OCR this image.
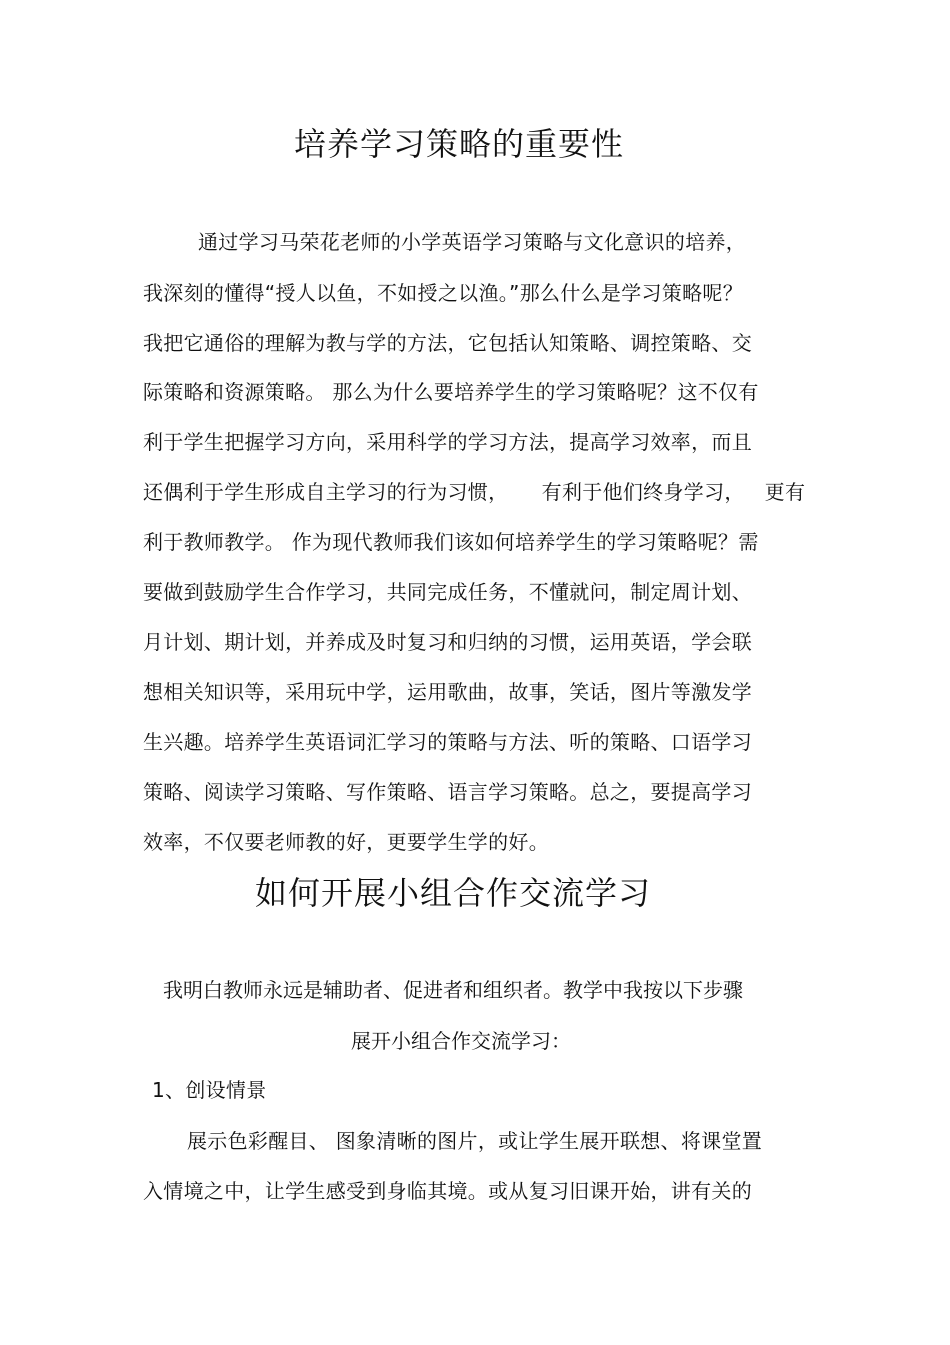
培养学习策略的重要性
通过学习马荣花老师的小学英语学习策略与文化意识的培养，
我深刻的懂得“授人以鱼，不如授之以渔。”那么什么是学习策略呢？
我把它通俗的理解为教与学的方法，它包括认知策略、调控策略、交
际策略和资源策略。 那么为什么要培养学生的学习策略呢？这不仅有
利于学生把握学习方向，采用科学的学习方法，提高学习效率，而且
还偶利于学生形成自主学习的行为习惯，     有利于他们终身学习，   更有
利于教师教学。 作为现代教师我们该如何培养学生的学习策略呢？需
要做到鼓励学生合作学习，共同完成任务，不懂就问，制定周计划、
月计划、期计划，并养成及时复习和归纳的习惯，运用英语，学会联
想相关知识等，采用玩中学，运用歌曲，故事，笑话，图片等激发学
生兴趣。培养学生英语词汇学习的策略与方法、听的策略、口语学习
策略、阅读学习策略、写作策略、语言学习策略。总之，要提高学习
效率，不仅要老师教的好，更要学生学的好。
如何开展小组合作交流学习
我明白教师永远是辅助者、促进者和组织者。教学中我按以下步骤
展开小组合作交流学习：
1、创设情景
展示色彩醒目、 图象清晰的图片，或让学生展开联想、将课堂置
入情境之中，让学生感受到身临其境。或从复习旧课开始，讲有关的
